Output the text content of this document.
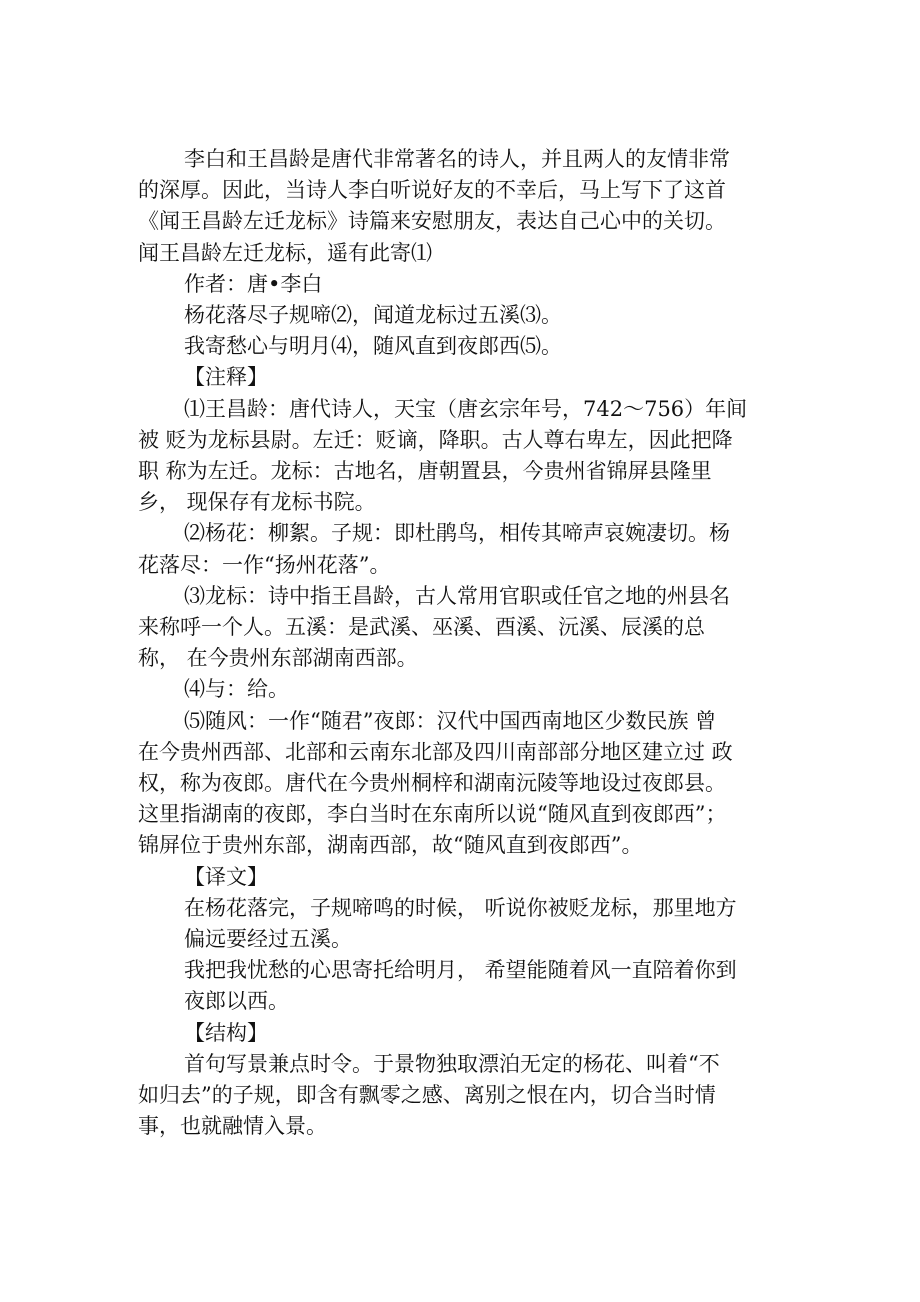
李白和王昌龄是唐代非常著名的诗人，并且两人的友情非常
的深厚。因此，当诗人李白听说好友的不幸后，马上写下了这首
《闻王昌龄左迁龙标》诗篇来安慰朋友，表达自己心中的关切。
闻王昌龄左迁龙标，遥有此寄⑴
作者：唐•李白
杨花落尽子规啼⑵，闻道龙标过五溪⑶。
我寄愁心与明月⑷，随风直到夜郎西⑸。
【注释】
⑴王昌龄：唐代诗人，天宝（唐玄宗年号，742〜756）年间
被 贬为龙标县尉。左迁：贬谪，降职。古人尊右卑左，因此把降
职 称为左迁。龙标：古地名，唐朝置县，今贵州省锦屏县隆里
乡， 现保存有龙标书院。
⑵杨花：柳絮。子规：即杜鹃鸟，相传其啼声哀婉凄切。杨
花落尽：一作“扬州花落”。
⑶龙标：诗中指王昌龄，古人常用官职或任官之地的州县名
来称呼一个人。五溪：是武溪、巫溪、酉溪、沅溪、辰溪的总
称， 在今贵州东部湖南西部。
⑷与：给。
⑸随风：一作“随君”夜郎：汉代中国西南地区少数民族 曾
在今贵州西部、北部和云南东北部及四川南部部分地区建立过 政
权，称为夜郎。唐代在今贵州桐梓和湖南沅陵等地设过夜郎县。
这里指湖南的夜郎，李白当时在东南所以说“随风直到夜郎西”；
锦屏位于贵州东部，湖南西部，故“随风直到夜郎西”。
【译文】
在杨花落完，子规啼鸣的时候， 听说你被贬龙标，那里地方
偏远要经过五溪。
我把我忧愁的心思寄托给明月， 希望能随着风一直陪着你到
夜郎以西。
【结构】
首句写景兼点时令。于景物独取漂泊无定的杨花、叫着“不
如归去”的子规，即含有飘零之感、离别之恨在内，切合当时情
事，也就融情入景。
